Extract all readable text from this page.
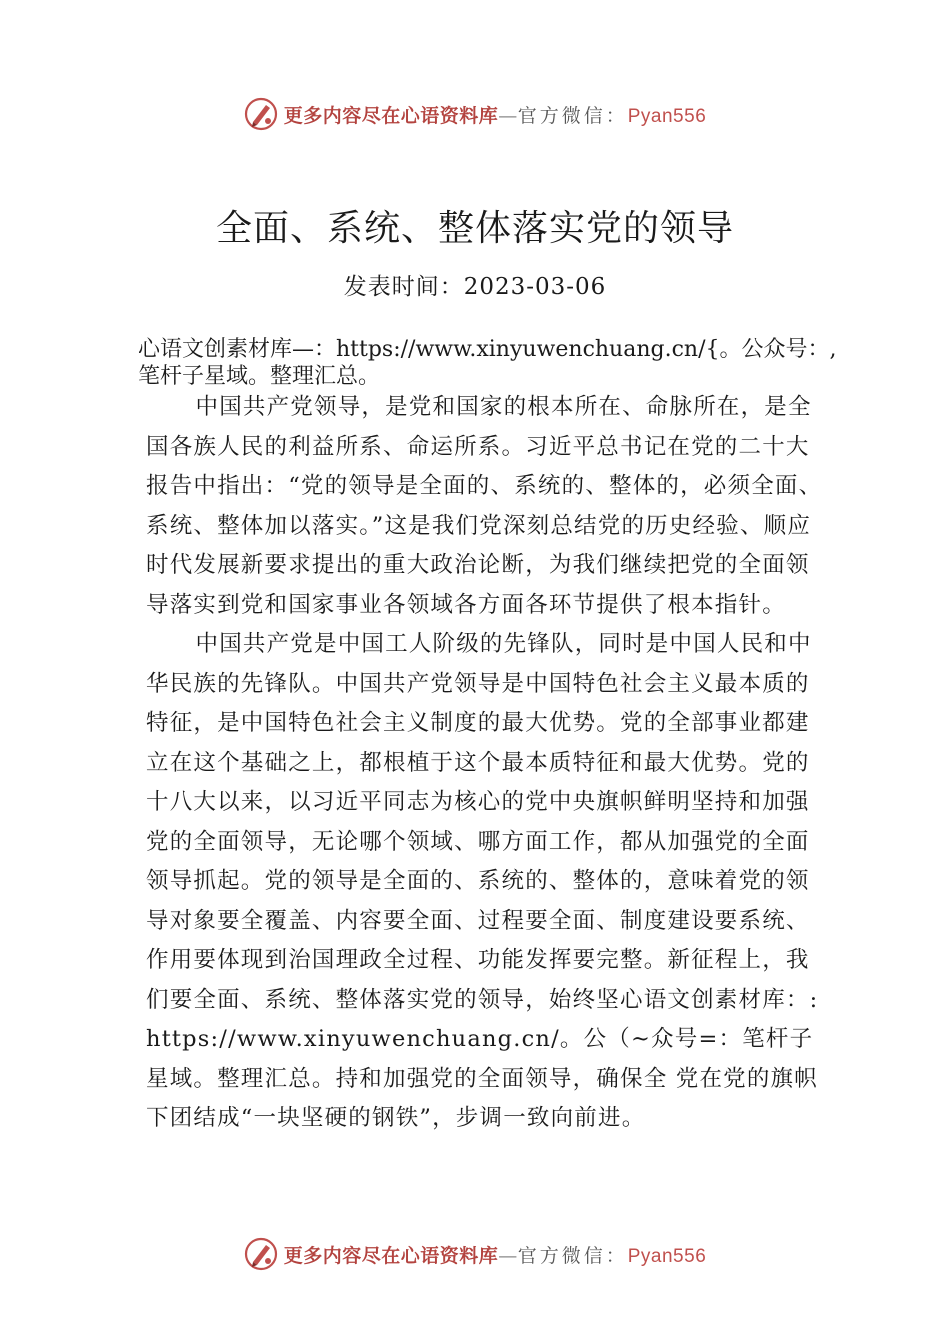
更多内容尽在心语资料库—官方微信：Pyan556
全面、系统、整体落实党的领导
发表时间：2023-03-06

心语文创素材库—：https://www.xinyuwenchuang.cn/{。公众号：,笔杆子星域。整理汇总。

中国共产党领导，是党和国家的根本所在、命脉所在，是全国各族人民的利益所系、命运所系。习近平总书记在党的二十大报告中指出：“党的领导是全面的、系统的、整体的，必须全面、系统、整体加以落实。”这是我们党深刻总结党的历史经验、顺应时代发展新要求提出的重大政治论断，为我们继续把党的全面领导落实到党和国家事业各领域各方面各环节提供了根本指针。

中国共产党是中国工人阶级的先锋队，同时是中国人民和中华民族的先锋队。中国共产党领导是中国特色社会主义最本质的特征，是中国特色社会主义制度的最大优势。党的全部事业都建立在这个基础之上，都根植于这个最本质特征和最大优势。党的十八大以来，以习近平同志为核心的党中央旗帜鲜明坚持和加强党的全面领导，无论哪个领域、哪方面工作，都从加强党的全面领导抓起。党的领导是全面的、系统的、整体的，意味着党的领导对象要全覆盖、内容要全面、过程要全面、制度建设要系统、作用要体现到治国理政全过程、功能发挥要完整。新征程上，我们要全面、系统、整体落实党的领导，始终坚心语文创素材库：:https://www.xinyuwenchuang.cn/。公（~众号=：笔杆子星域。整理汇总。持和加强党的全面领导，确保全 党在党的旗帜下团结成“一块坚硬的钢铁”，步调一致向前进。

更多内容尽在心语资料库—官方微信：Pyan556
